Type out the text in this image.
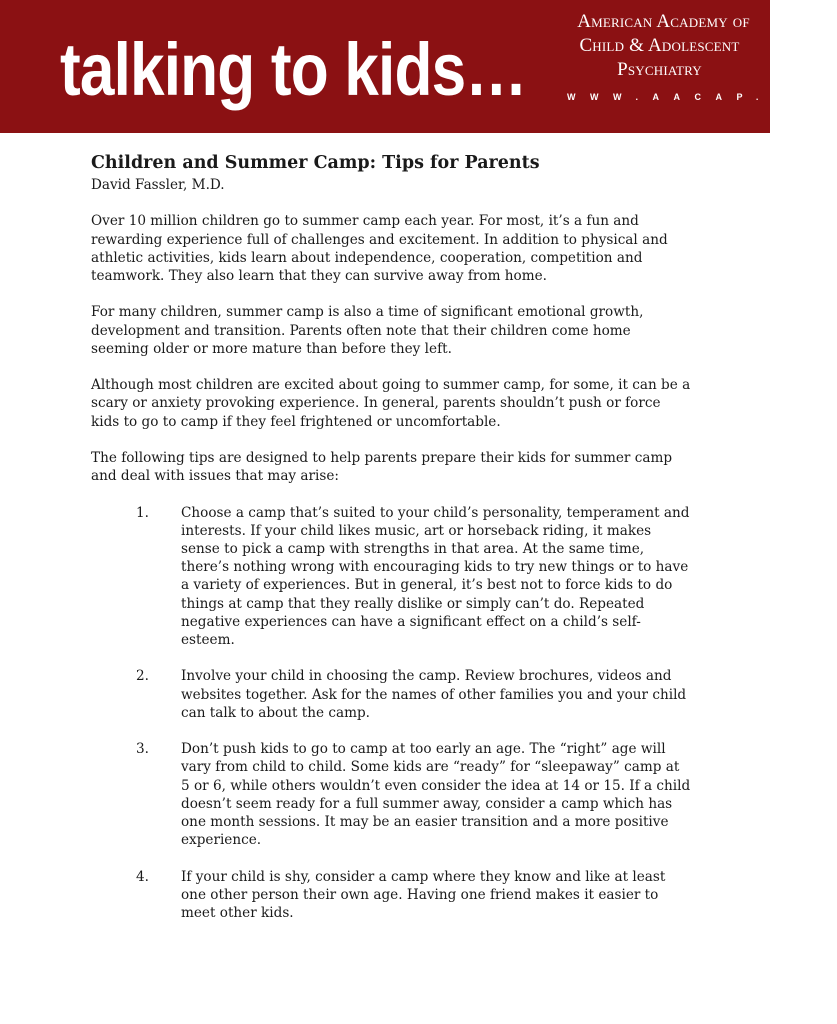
talking to kids…
American Academy of
Child & Adolescent
Psychiatry
WWW.AACAP.ORG
Children and Summer Camp: Tips for Parents

David Fassler, M.D.

Over 10 million children go to summer camp each year. For most, it’s a fun and rewarding experience full of challenges and excitement. In addition to physical and athletic activities, kids learn about independence, cooperation, competition and teamwork. They also learn that they can survive away from home.

For many children, summer camp is also a time of significant emotional growth, development and transition. Parents often note that their children come home seeming older or more mature than before they left.

Although most children are excited about going to summer camp, for some, it can be a scary or anxiety provoking experience. In general, parents shouldn’t push or force kids to go to camp if they feel frightened or uncomfortable.

The following tips are designed to help parents prepare their kids for summer camp and deal with issues that may arise:

1. Choose a camp that’s suited to your child’s personality, temperament and interests. If your child likes music, art or horseback riding, it makes sense to pick a camp with strengths in that area. At the same time, there’s nothing wrong with encouraging kids to try new things or to have a variety of experiences. But in general, it’s best not to force kids to do things at camp that they really dislike or simply can’t do. Repeated negative experiences can have a significant effect on a child’s self-esteem.
2. Involve your child in choosing the camp. Review brochures, videos and websites together. Ask for the names of other families you and your child can talk to about the camp.
3. Don’t push kids to go to camp at too early an age. The “right” age will vary from child to child. Some kids are “ready” for “sleepaway” camp at 5 or 6, while others wouldn’t even consider the idea at 14 or 15. If a child doesn’t seem ready for a full summer away, consider a camp which has one month sessions. It may be an easier transition and a more positive experience.
4. If your child is shy, consider a camp where they know and like at least one other person their own age. Having one friend makes it easier to meet other kids.
